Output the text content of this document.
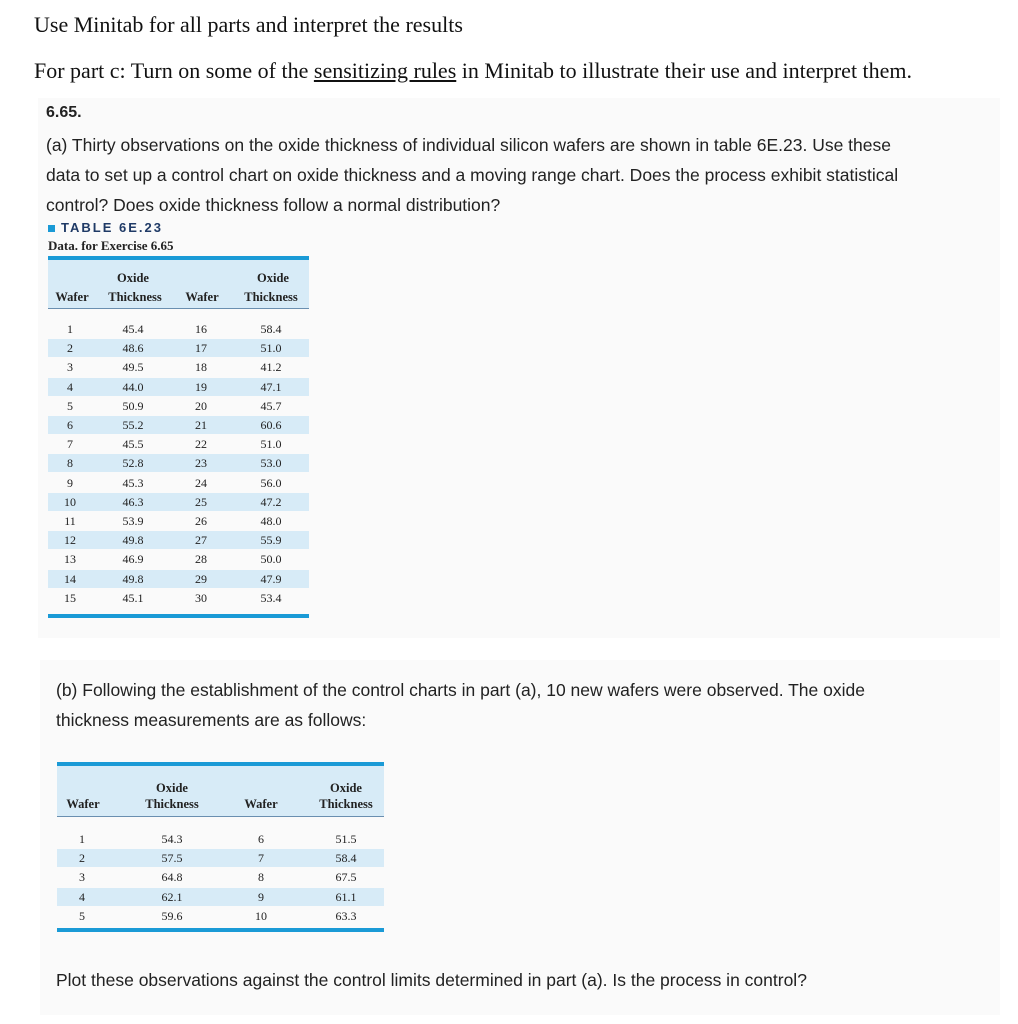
Use Minitab for all parts and interpret the results
For part c: Turn on some of the sensitizing rules in Minitab to illustrate their use and interpret them.
6.65.
(a) Thirty observations on the oxide thickness of individual silicon wafers are shown in table 6E.23. Use these
data to set up a control chart on oxide thickness and a moving range chart. Does the process exhibit statistical
control? Does oxide thickness follow a normal distribution?
TABLE 6E.23
Data. for Exercise 6.65
Oxide
Wafer	Thickness
Oxide
Wafer	Thickness
1	45.4	16	58.4
2	48.6	17	51.0
3	49.5	18	41.2
4	44.0	19	47.1
5	50.9	20	45.7
6	55.2	21	60.6
7	45.5	22	51.0
8	52.8	23	53.0
9	45.3	24	56.0
10	46.3	25	47.2
11	53.9	26	48.0
12	49.8	27	55.9
13	46.9	28	50.0
14	49.8	29	47.9
15	45.1	30	53.4
(b) Following the establishment of the control charts in part (a), 10 new wafers were observed. The oxide
thickness measurements are as follows:
Wafer
Oxide
Thickness	Wafer
Oxide
Thickness
1	54.3	6	51.5
2	57.5	7	58.4
3	64.8	8	67.5
4	62.1	9	61.1
5	59.6	10	63.3
Plot these observations against the control limits determined in part (a). Is the process in control?
